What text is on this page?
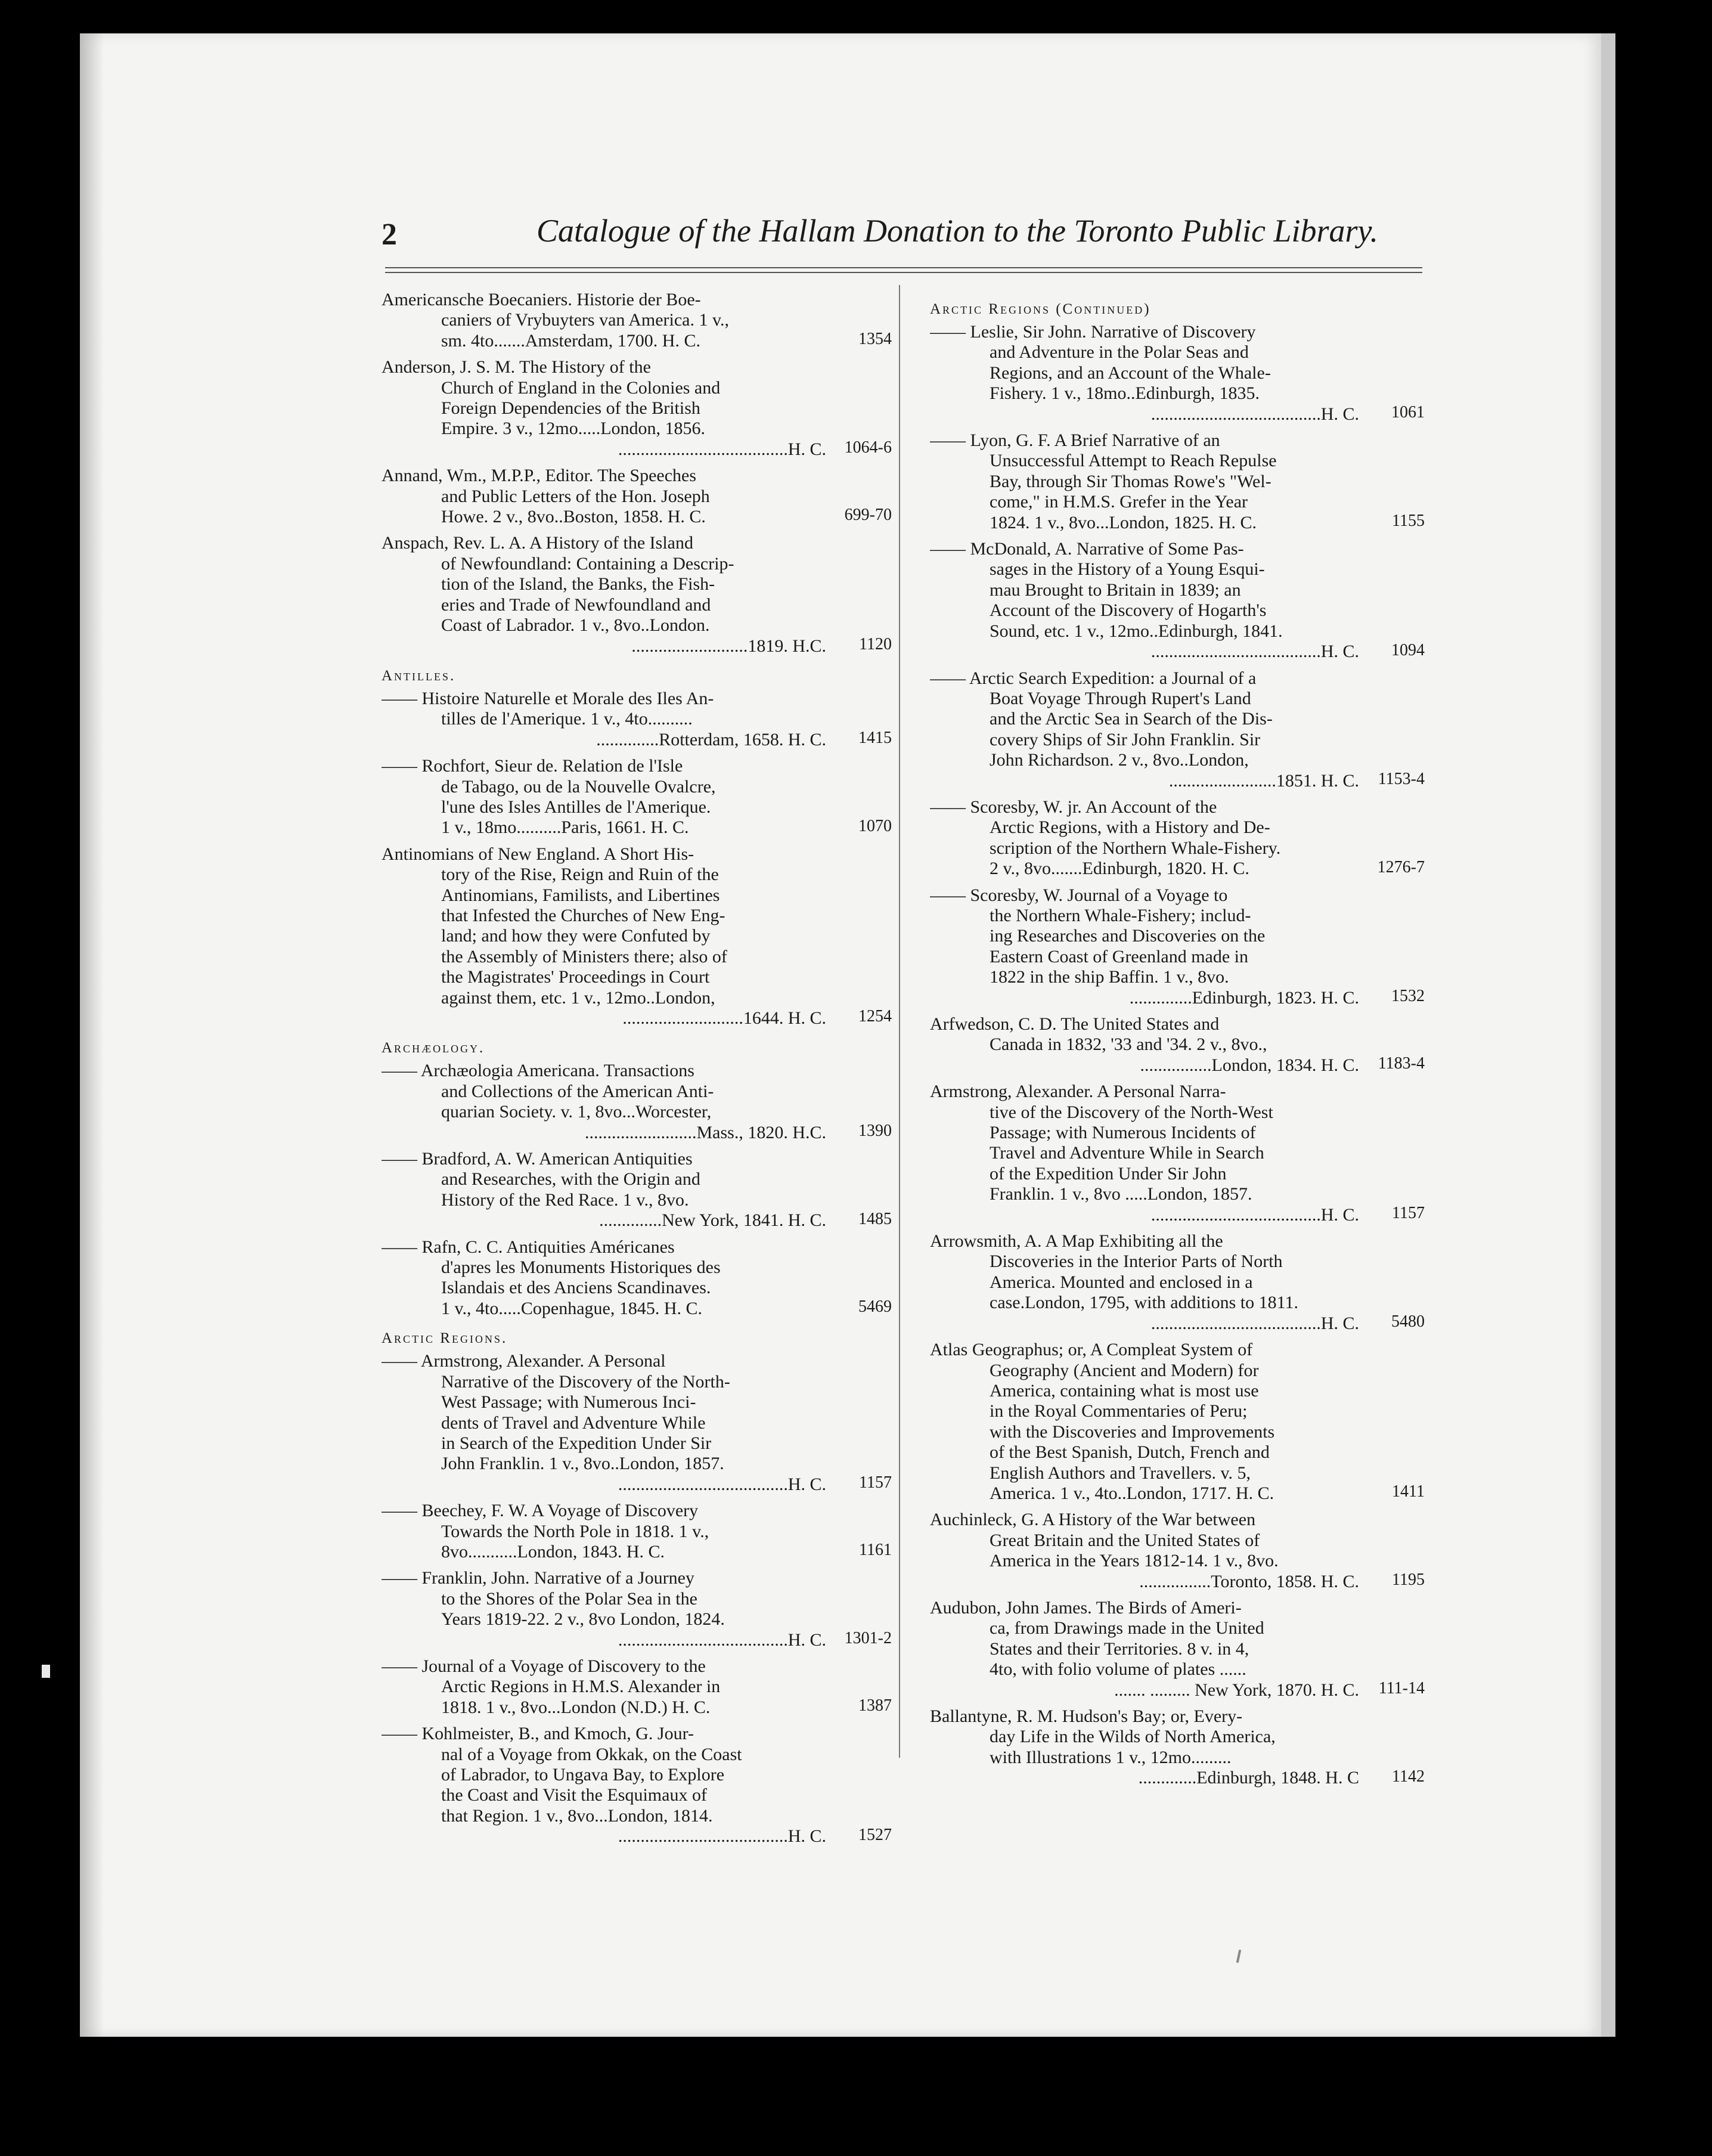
2	Catalogue of the Hallam Donation to the Toronto Public Library.
Americansche Boecaniers. Historie der Boe-
caniers of Vrybuyters van America. 1 v.,
sm. 4to.......Amsterdam, 1700. H. C.	1354
Anderson, J. S. M. The History of the
Church of England in the Colonies and
Foreign Dependencies of the British
Empire. 3 v., 12mo.....London, 1856.
......................................H. C.	1064-6
Annand, Wm., M.P.P., Editor. The Speeches
and Public Letters of the Hon. Joseph
Howe. 2 v., 8vo..Boston, 1858. H. C.	699-70
Anspach, Rev. L. A. A History of the Island
of Newfoundland: Containing a Descrip-
tion of the Island, the Banks, the Fish-
eries and Trade of Newfoundland and
Coast of Labrador. 1 v., 8vo..London.
..........................1819. H.C.	1120
Antilles.
—— Histoire Naturelle et Morale des Iles An-
tilles de l'Amerique. 1 v., 4to..........
..............Rotterdam, 1658. H. C.	1415
—— Rochfort, Sieur de. Relation de l'Isle
de Tabago, ou de la Nouvelle Ovalcre,
l'une des Isles Antilles de l'Amerique.
1 v., 18mo..........Paris, 1661. H. C.	1070
Antinomians of New England. A Short His-
tory of the Rise, Reign and Ruin of the
Antinomians, Familists, and Libertines
that Infested the Churches of New Eng-
land; and how they were Confuted by
the Assembly of Ministers there; also of
the Magistrates' Proceedings in Court
against them, etc. 1 v., 12mo..London,
...........................1644. H. C.	1254
Archæology.
—— Archæologia Americana. Transactions
and Collections of the American Anti-
quarian Society. v. 1, 8vo...Worcester,
.........................Mass., 1820. H.C.	1390
—— Bradford, A. W. American Antiquities
and Researches, with the Origin and
History of the Red Race. 1 v., 8vo.
..............New York, 1841. H. C.	1485
—— Rafn, C. C. Antiquities Américanes
d'apres les Monuments Historiques des
Islandais et des Anciens Scandinaves.
1 v., 4to.....Copenhague, 1845. H. C.	5469
Arctic Regions.
—— Armstrong, Alexander. A Personal
Narrative of the Discovery of the North-
West Passage; with Numerous Inci-
dents of Travel and Adventure While
in Search of the Expedition Under Sir
John Franklin. 1 v., 8vo..London, 1857.
......................................H. C.	1157
—— Beechey, F. W. A Voyage of Discovery
Towards the North Pole in 1818. 1 v.,
8vo...........London, 1843. H. C.	1161
—— Franklin, John. Narrative of a Journey
to the Shores of the Polar Sea in the
Years 1819-22. 2 v., 8vo London, 1824.
......................................H. C.	1301-2
—— Journal of a Voyage of Discovery to the
Arctic Regions in H.M.S. Alexander in
1818. 1 v., 8vo...London (N.D.) H. C.	1387
—— Kohlmeister, B., and Kmoch, G. Jour-
nal of a Voyage from Okkak, on the Coast
of Labrador, to Ungava Bay, to Explore
the Coast and Visit the Esquimaux of
that Region. 1 v., 8vo...London, 1814.
......................................H. C.	1527
Arctic Regions (Continued)
—— Leslie, Sir John. Narrative of Discovery
and Adventure in the Polar Seas and
Regions, and an Account of the Whale-
Fishery. 1 v., 18mo..Edinburgh, 1835.
......................................H. C.	1061
—— Lyon, G. F. A Brief Narrative of an
Unsuccessful Attempt to Reach Repulse
Bay, through Sir Thomas Rowe's "Wel-
come," in H.M.S. Grefer in the Year
1824. 1 v., 8vo...London, 1825. H. C.	1155
—— McDonald, A. Narrative of Some Pas-
sages in the History of a Young Esqui-
mau Brought to Britain in 1839; an
Account of the Discovery of Hogarth's
Sound, etc. 1 v., 12mo..Edinburgh, 1841.
......................................H. C.	1094
—— Arctic Search Expedition: a Journal of a
Boat Voyage Through Rupert's Land
and the Arctic Sea in Search of the Dis-
covery Ships of Sir John Franklin. Sir
John Richardson. 2 v., 8vo..London,
........................1851. H. C.	1153-4
—— Scoresby, W. jr. An Account of the
Arctic Regions, with a History and De-
scription of the Northern Whale-Fishery.
2 v., 8vo.......Edinburgh, 1820. H. C.	1276-7
—— Scoresby, W. Journal of a Voyage to
the Northern Whale-Fishery; includ-
ing Researches and Discoveries on the
Eastern Coast of Greenland made in
1822 in the ship Baffin. 1 v., 8vo.
..............Edinburgh, 1823. H. C.	1532
Arfwedson, C. D. The United States and
Canada in 1832, '33 and '34. 2 v., 8vo.,
................London, 1834. H. C.	1183-4
Armstrong, Alexander. A Personal Narra-
tive of the Discovery of the North-West
Passage; with Numerous Incidents of
Travel and Adventure While in Search
of the Expedition Under Sir John
Franklin. 1 v., 8vo .....London, 1857.
......................................H. C.	1157
Arrowsmith, A. A Map Exhibiting all the
Discoveries in the Interior Parts of North
America. Mounted and enclosed in a
case.London, 1795, with additions to 1811.
......................................H. C.	5480
Atlas Geographus; or, A Compleat System of
Geography (Ancient and Modern) for
America, containing what is most use
in the Royal Commentaries of Peru;
with the Discoveries and Improvements
of the Best Spanish, Dutch, French and
English Authors and Travellers. v. 5,
America. 1 v., 4to..London, 1717. H. C.	1411
Auchinleck, G. A History of the War between
Great Britain and the United States of
America in the Years 1812-14. 1 v., 8vo.
................Toronto, 1858. H. C.	1195
Audubon, John James. The Birds of Ameri-
ca, from Drawings made in the United
States and their Territories. 8 v. in 4,
4to, with folio volume of plates ......
....... ......... New York, 1870. H. C.	111-14
Ballantyne, R. M. Hudson's Bay; or, Every-
day Life in the Wilds of North America,
with Illustrations 1 v., 12mo.........
.............Edinburgh, 1848. H. C	1142
